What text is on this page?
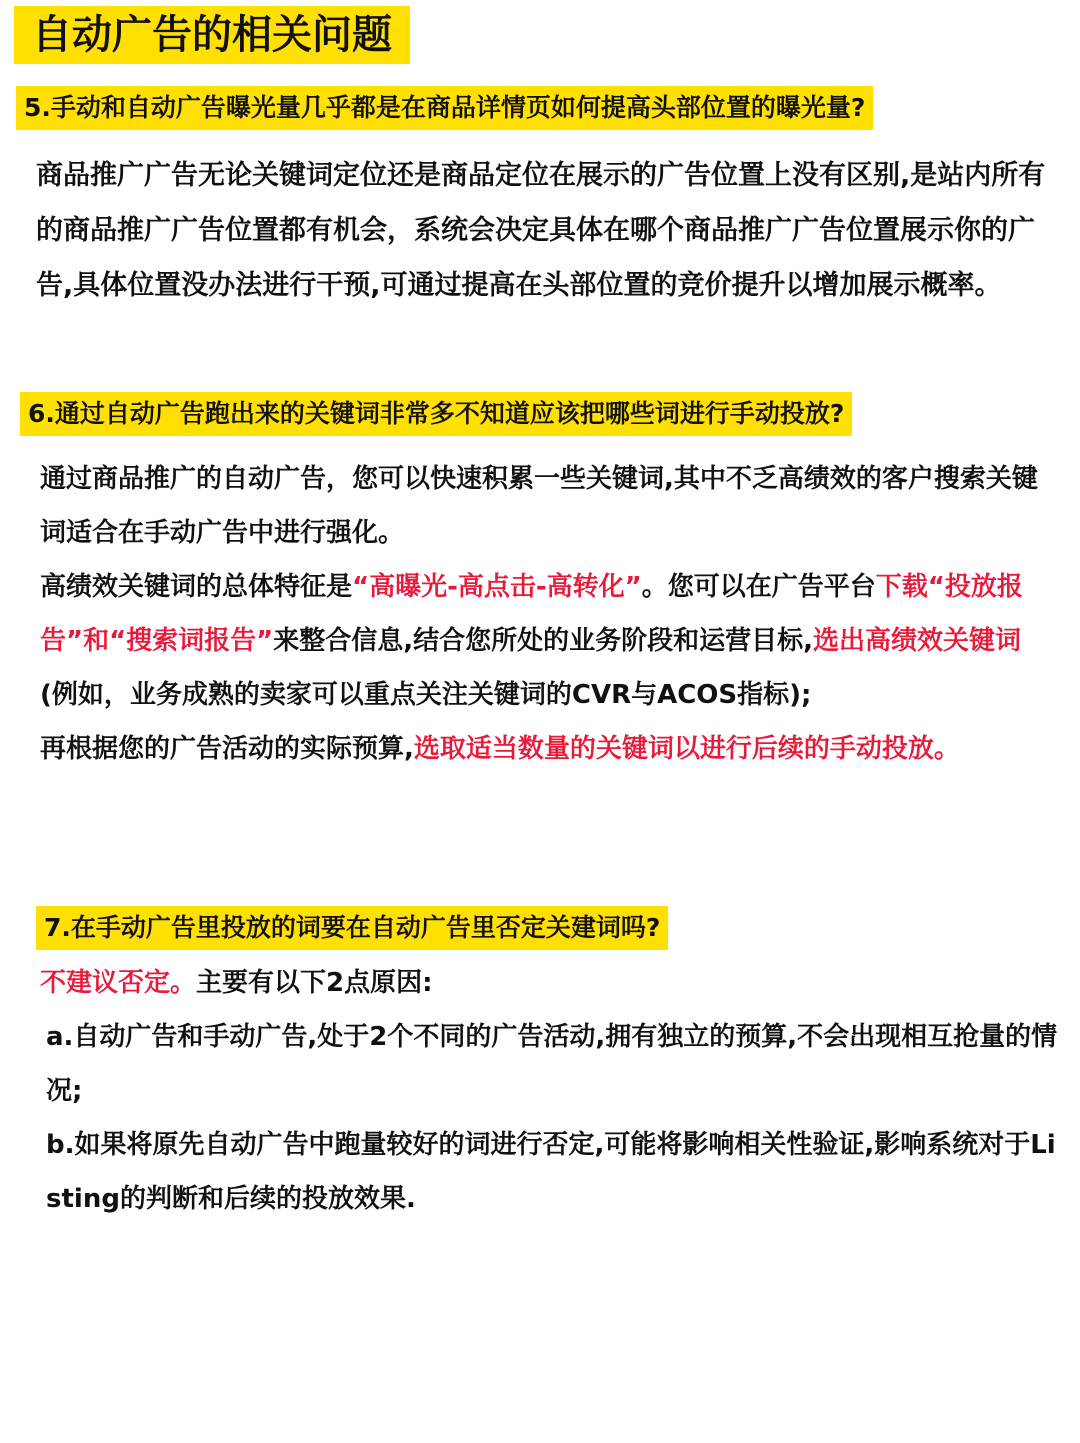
自动广告的相关问题
5.手动和自动广告曝光量几乎都是在商品详情页如何提高头部位置的曝光量?
商品推广广告无论关键词定位还是商品定位在展示的广告位置上没有区别,是站内所有的商品推广广告位置都有机会，系统会决定具体在哪个商品推广广告位置展示你的广告,具体位置没办法进行干预,可通过提高在头部位置的竞价提升以增加展示概率。
6.通过自动广告跑出来的关键词非常多不知道应该把哪些词进行手动投放?
通过商品推广的自动广告，您可以快速积累一些关键词,其中不乏高绩效的客户搜索关键词适合在手动广告中进行强化。
高绩效关键词的总体特征是“高曝光-高点击-高转化”。您可以在广告平台下载“投放报告”和“搜索词报告”来整合信息,结合您所处的业务阶段和运营目标,选出高绩效关键词(例如，业务成熟的卖家可以重点关注关键词的CVR与ACOS指标);
再根据您的广告活动的实际预算,选取适当数量的关键词以进行后续的手动投放。
7.在手动广告里投放的词要在自动广告里否定关建词吗?
不建议否定。主要有以下2点原因:
a.自动广告和手动广告,处于2个不同的广告活动,拥有独立的预算,不会出现相互抢量的情况;
b.如果将原先自动广告中跑量较好的词进行否定,可能将影响相关性验证,影响系统对于Listing的判断和后续的投放效果.
